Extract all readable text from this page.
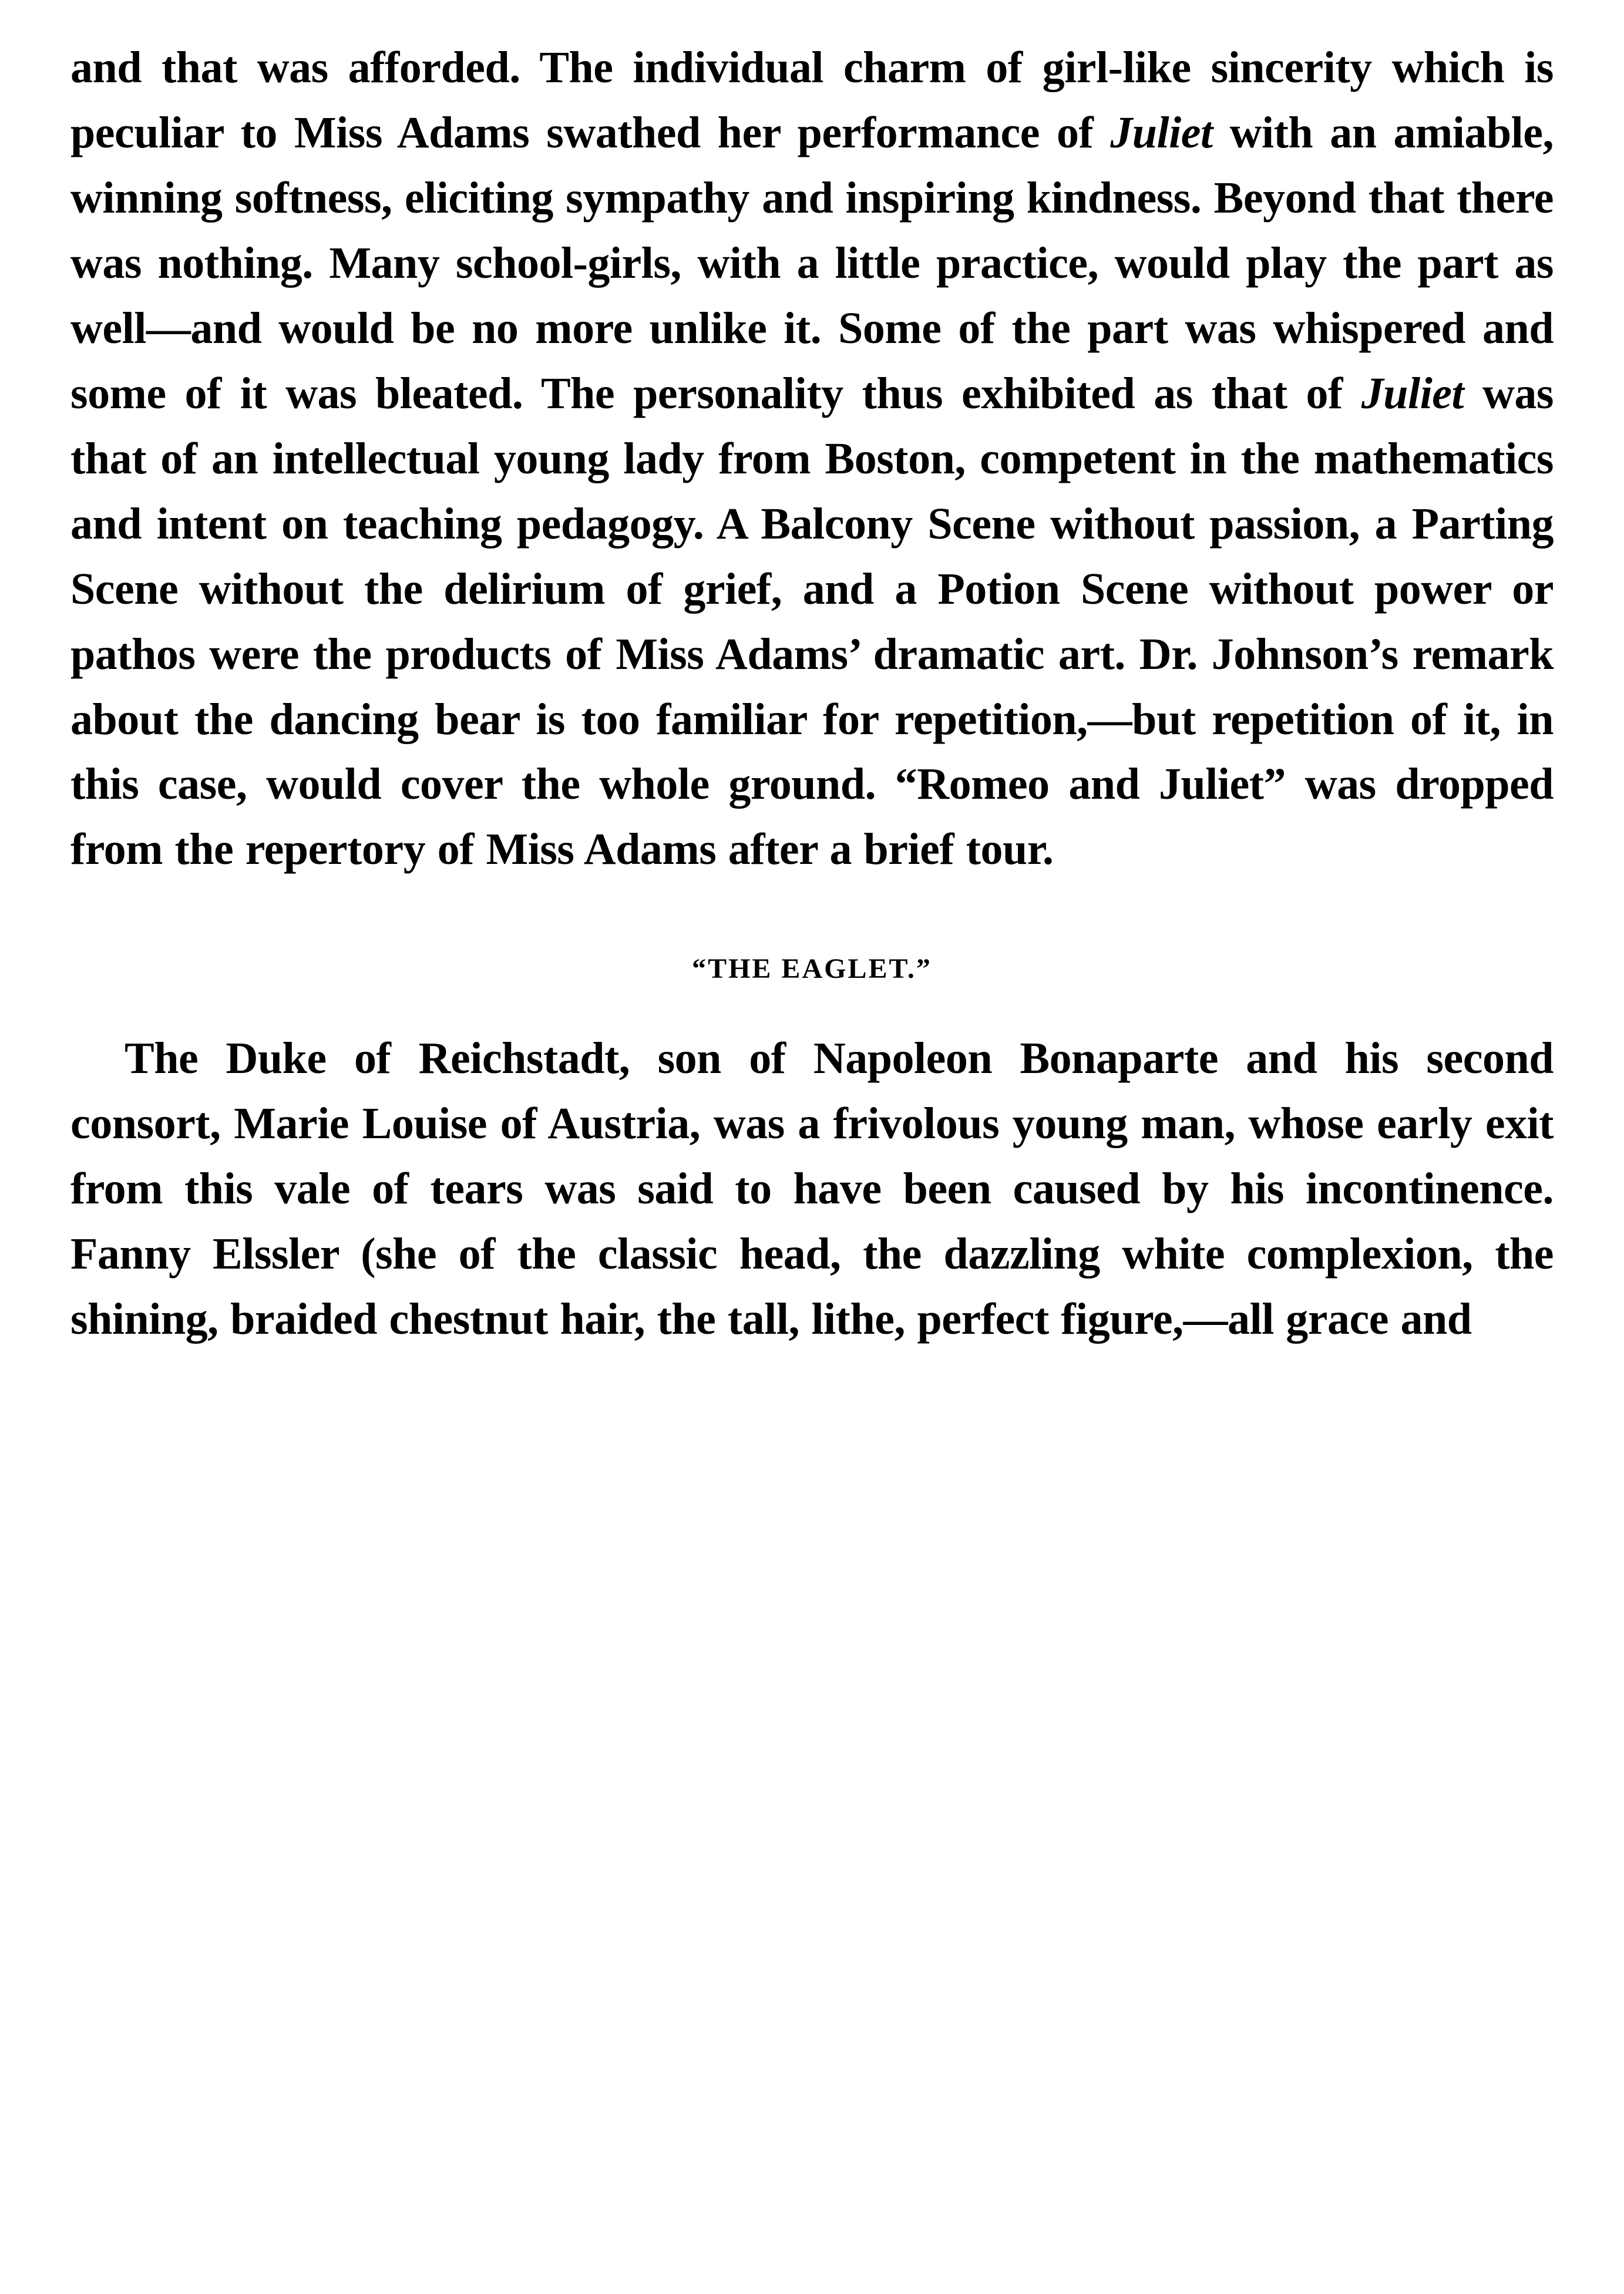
and that was afforded. The individual charm of girl-like sincerity which is peculiar to Miss Adams swathed her performance of Juliet with an amiable, winning softness, eliciting sympathy and inspiring kindness. Beyond that there was nothing. Many school-girls, with a little practice, would play the part as well—and would be no more unlike it. Some of the part was whispered and some of it was bleated. The personality thus exhibited as that of Juliet was that of an intellectual young lady from Boston, competent in the mathematics and intent on teaching pedagogy. A Balcony Scene without passion, a Parting Scene without the delirium of grief, and a Potion Scene without power or pathos were the products of Miss Adams’ dramatic art. Dr. Johnson’s remark about the dancing bear is too familiar for repetition,—but repetition of it, in this case, would cover the whole ground. “Romeo and Juliet” was dropped from the repertory of Miss Adams after a brief tour.

“THE EAGLET.”

The Duke of Reichstadt, son of Napoleon Bonaparte and his second consort, Marie Louise of Austria, was a frivolous young man, whose early exit from this vale of tears was said to have been caused by his incontinence. Fanny Elssler (she of the classic head, the dazzling white complexion, the shining, braided chestnut hair, the tall, lithe, perfect figure,—all grace and
